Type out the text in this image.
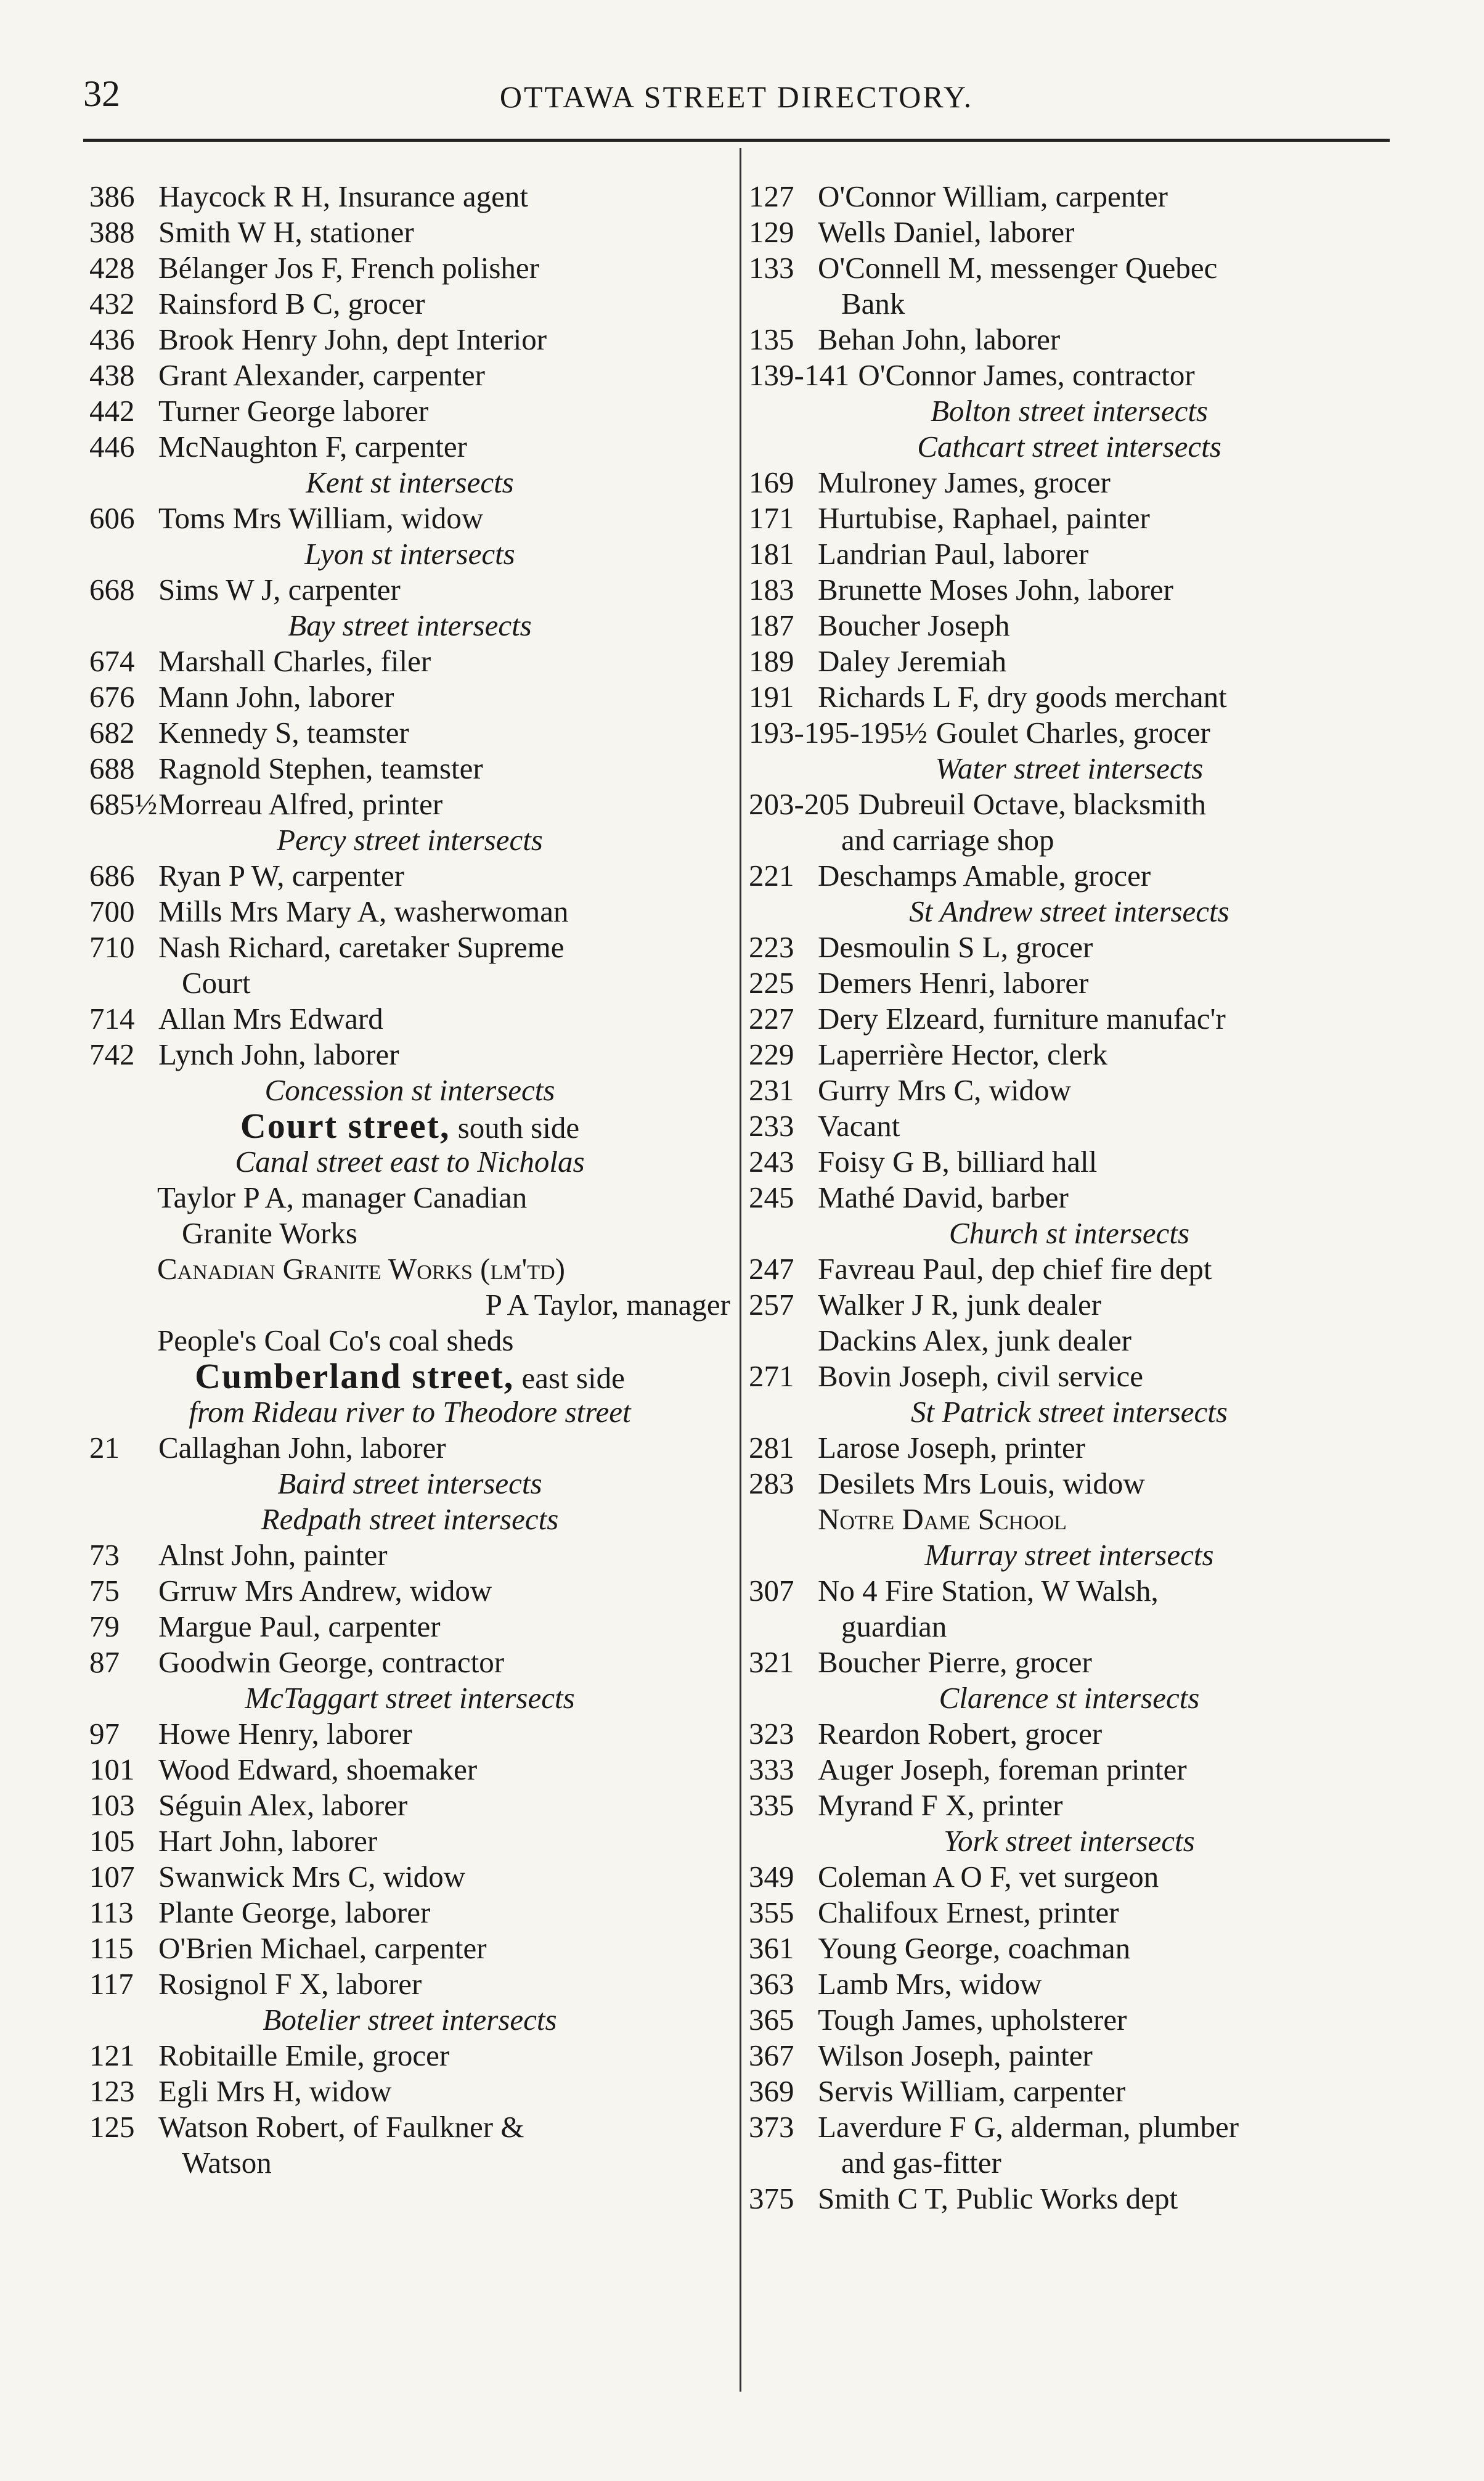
32	OTTAWA STREET DIRECTORY.
386 Haycock R H, Insurance agent
388 Smith W H, stationer
428 Bélanger Jos F, French polisher
432 Rainsford B C, grocer
436 Brook Henry John, dept Interior
438 Grant Alexander, carpenter
442 Turner George laborer
446 McNaughton F, carpenter
Kent st intersects
606 Toms Mrs William, widow
Lyon st intersects
668 Sims W J, carpenter
Bay street intersects
674 Marshall Charles, filer
676 Mann John, laborer
682 Kennedy S, teamster
688 Ragnold Stephen, teamster
685½Morreau Alfred, printer
Percy street intersects
686 Ryan P W, carpenter
700 Mills Mrs Mary A, washerwoman
710 Nash Richard, caretaker Supreme
Court
714 Allan Mrs Edward
742 Lynch John, laborer
Concession st intersects
Court street, south side
Canal street east to Nicholas
Taylor P A, manager Canadian
Granite Works
Canadian Granite Works (lm'td)
P A Taylor, manager
People's Coal Co's coal sheds
Cumberland street, east side
from Rideau river to Theodore street
21 Callaghan John, laborer
Baird street intersects
Redpath street intersects
73 Alnst John, painter
75 Grruw Mrs Andrew, widow
79 Margue Paul, carpenter
87 Goodwin George, contractor
McTaggart street intersects
97 Howe Henry, laborer
101 Wood Edward, shoemaker
103 Séguin Alex, laborer
105 Hart John, laborer
107 Swanwick Mrs C, widow
113 Plante George, laborer
115 O'Brien Michael, carpenter
117 Rosignol F X, laborer
Botelier street intersects
121 Robitaille Emile, grocer
123 Egli Mrs H, widow
125 Watson Robert, of Faulkner &
Watson
127 O'Connor William, carpenter
129 Wells Daniel, laborer
133 O'Connell M, messenger Quebec
Bank
135 Behan John, laborer
139-141 O'Connor James, contractor
Bolton street intersects
Cathcart street intersects
169 Mulroney James, grocer
171 Hurtubise, Raphael, painter
181 Landrian Paul, laborer
183 Brunette Moses John, laborer
187 Boucher Joseph
189 Daley Jeremiah
191 Richards L F, dry goods merchant
193-195-195½ Goulet Charles, grocer
Water street intersects
203-205 Dubreuil Octave, blacksmith
and carriage shop
221 Deschamps Amable, grocer
St Andrew street intersects
223 Desmoulin S L, grocer
225 Demers Henri, laborer
227 Dery Elzeard, furniture manufac'r
229 Laperrière Hector, clerk
231 Gurry Mrs C, widow
233 Vacant
243 Foisy G B, billiard hall
245 Mathé David, barber
Church st intersects
247 Favreau Paul, dep chief fire dept
257 Walker J R, junk dealer
Dackins Alex, junk dealer
271 Bovin Joseph, civil service
St Patrick street intersects
281 Larose Joseph, printer
283 Desilets Mrs Louis, widow
Notre Dame School
Murray street intersects
307 No 4 Fire Station, W Walsh,
guardian
321 Boucher Pierre, grocer
Clarence st intersects
323 Reardon Robert, grocer
333 Auger Joseph, foreman printer
335 Myrand F X, printer
York street intersects
349 Coleman A O F, vet surgeon
355 Chalifoux Ernest, printer
361 Young George, coachman
363 Lamb Mrs, widow
365 Tough James, upholsterer
367 Wilson Joseph, painter
369 Servis William, carpenter
373 Laverdure F G, alderman, plumber
and gas-fitter
375 Smith C T, Public Works dept
